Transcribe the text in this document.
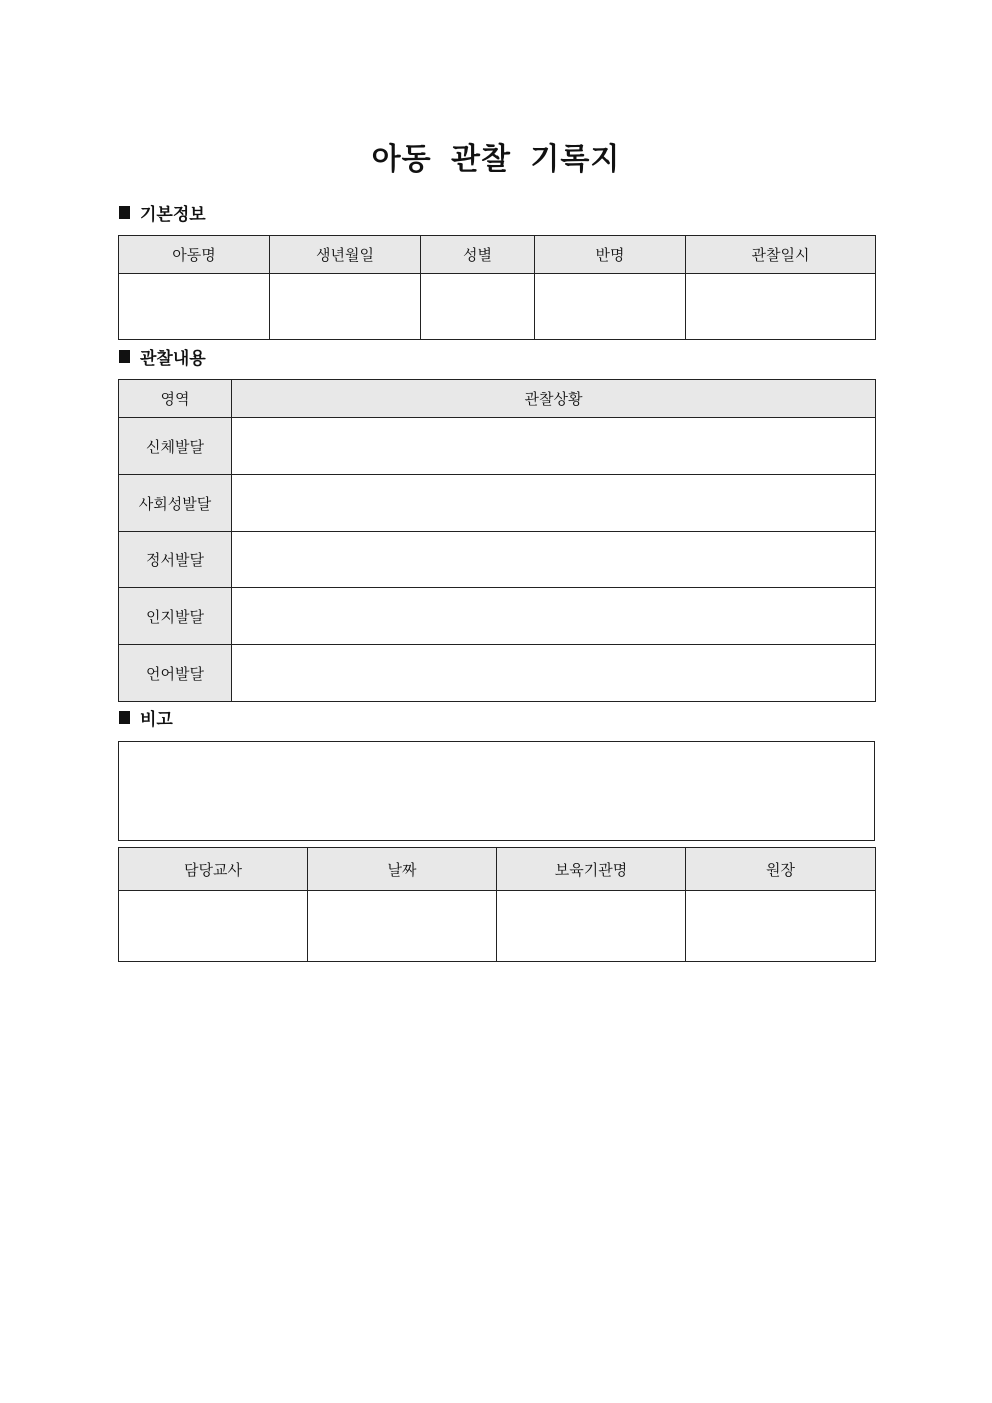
아동 관찰 기록지
기본정보
아동명	생년월일	성별	반명	관찰일시

관찰내용
영역	관찰상황
신체발달	
사회성발달	
정서발달	
인지발달	
언어발달	
비고
담당교사	날짜	보육기관명	원장
